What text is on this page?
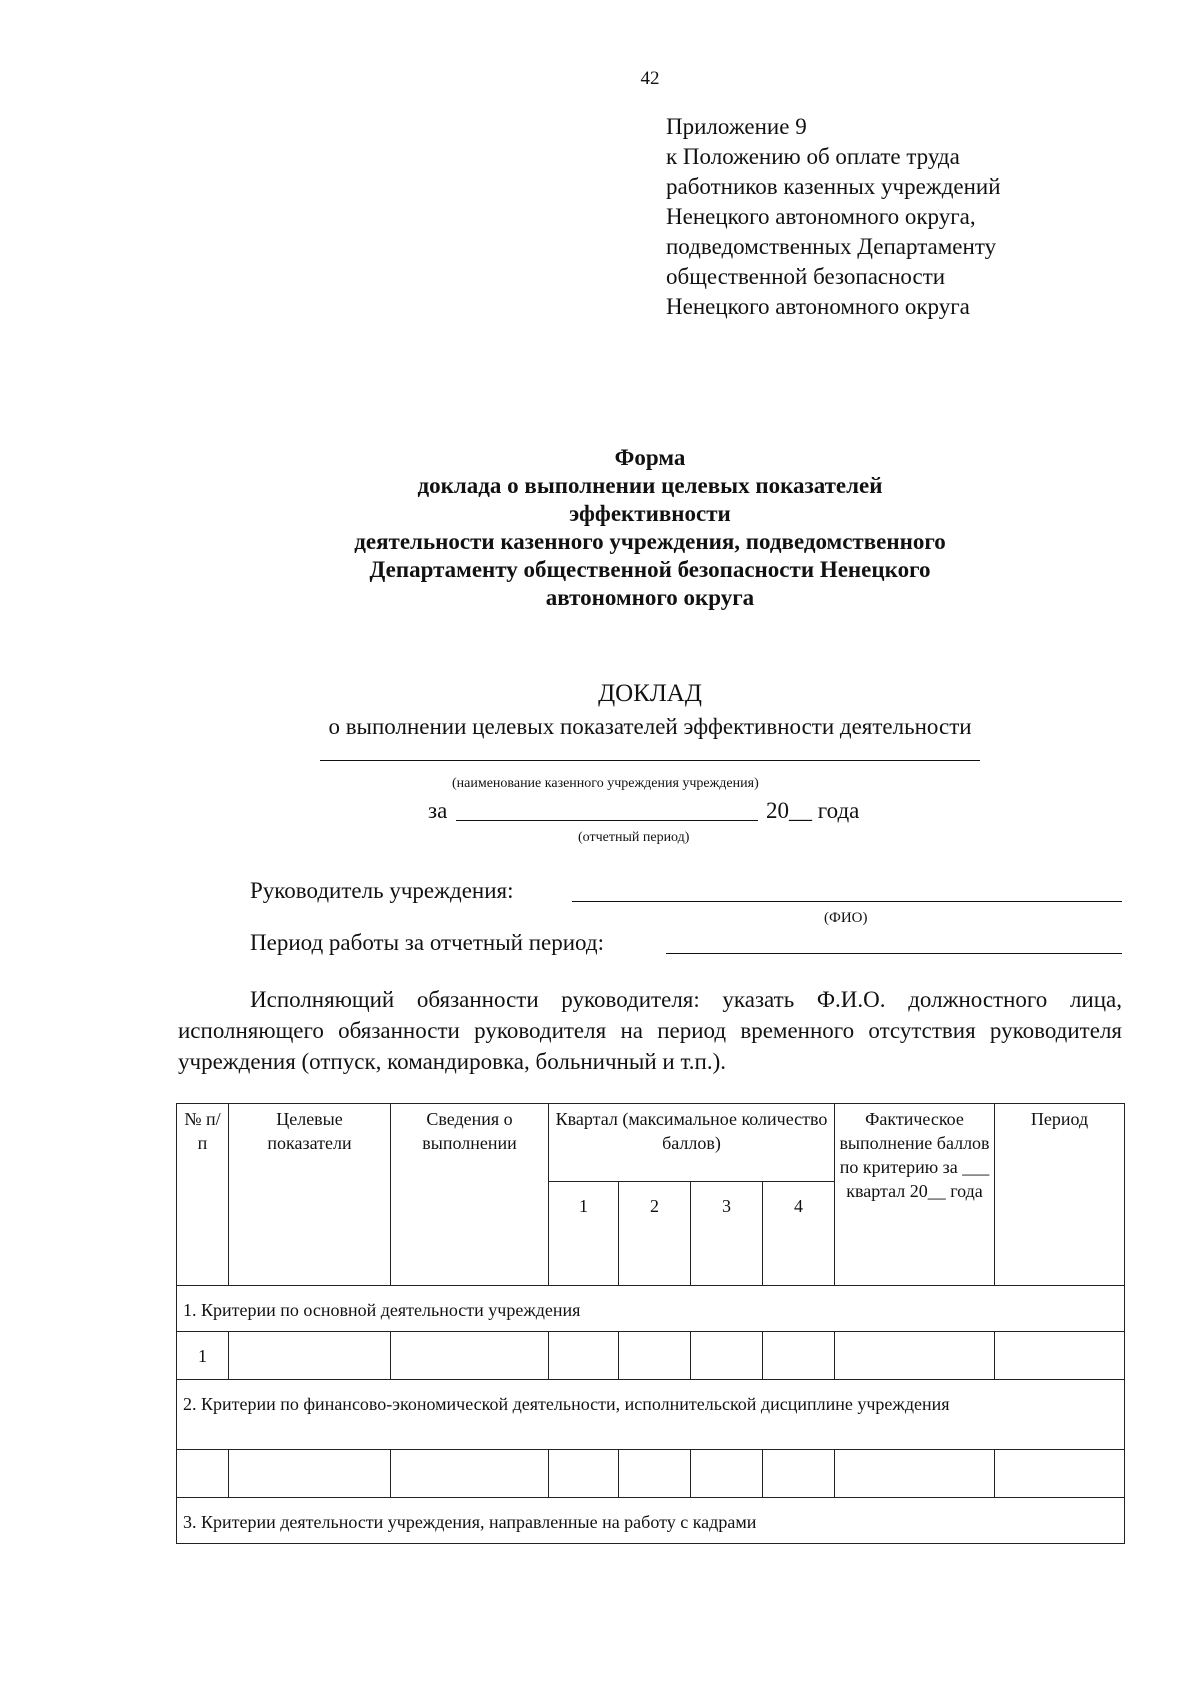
42
Приложение 9
к Положению об оплате труда
работников казенных учреждений
Ненецкого автономного округа,
подведомственных Департаменту
общественной безопасности
Ненецкого автономного округа
Форма
доклада о выполнении целевых показателей
эффективности
деятельности казенного учреждения, подведомственного
Департаменту общественной безопасности Ненецкого
автономного округа
ДОКЛАД
о выполнении целевых показателей эффективности деятельности
(наименование казенного учреждения учреждения)
за	20__ года
(отчетный период)
Руководитель учреждения:
(ФИО)
Период работы за отчетный период:
Исполняющий обязанности руководителя: указать Ф.И.О. должностного лица, исполняющего обязанности руководителя на период временного отсутствия руководителя учреждения (отпуск, командировка, больничный и т.п.).
№ п/п	Целевые показатели	Сведения о выполнении	Квартал (максимальное количество баллов)				Фактическое выполнение баллов по критерию за ___ квартал 20__ года	Период
			1	2	3	4		
1. Критерии по основной деятельности учреждения								
1								
2. Критерии по финансово-экономической деятельности, исполнительской дисциплине учреждения								

3. Критерии деятельности учреждения, направленные на работу с кадрами								
